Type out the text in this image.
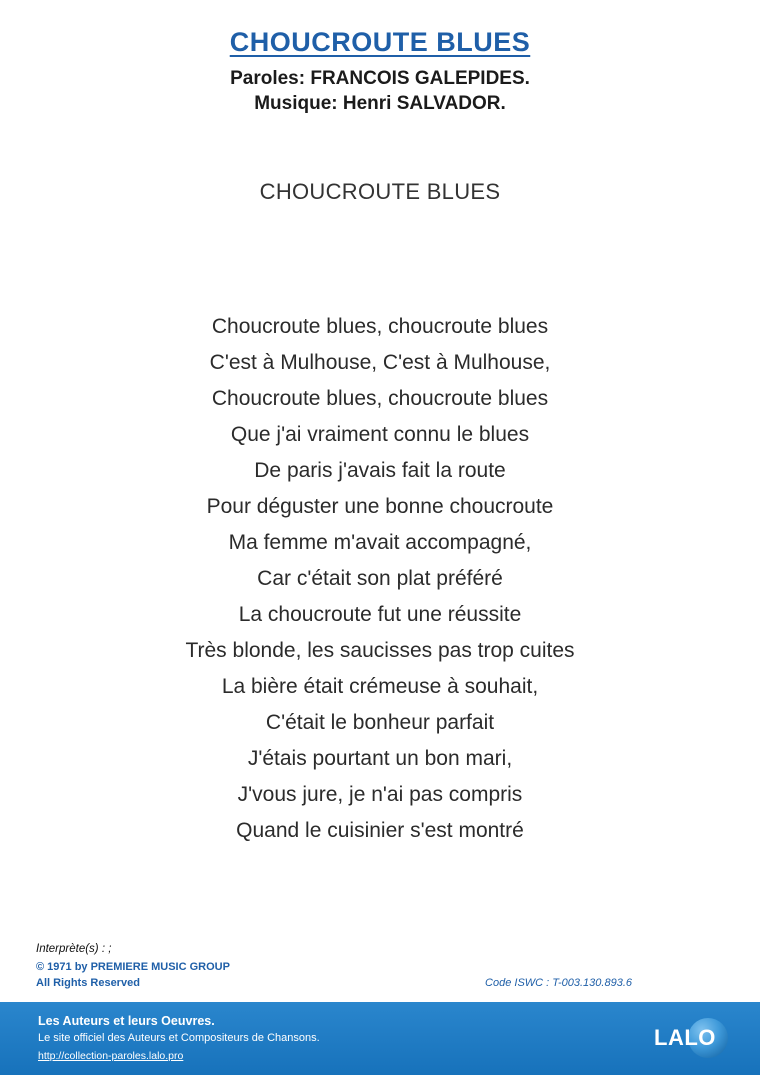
CHOUCROUTE BLUES
Paroles: FRANCOIS GALEPIDES.
Musique: Henri SALVADOR.
CHOUCROUTE BLUES
Choucroute blues, choucroute blues
C'est à Mulhouse, C'est à Mulhouse,
Choucroute blues, choucroute blues
Que j'ai vraiment connu le blues
De paris j'avais fait la route
Pour déguster une bonne choucroute
Ma femme m'avait accompagné,
Car c'était son plat préféré
La choucroute fut une réussite
Très blonde, les saucisses pas trop cuites
La bière était crémeuse à souhait,
C'était le bonheur parfait
J'étais pourtant un bon mari,
J'vous jure, je n'ai pas compris
Quand le cuisinier s'est montré
Interprète(s) : ;
© 1971 by PREMIERE MUSIC GROUP
All Rights Reserved	Code ISWC : T-003.130.893.6
Les Auteurs et leurs Oeuvres.
Le site officiel des Auteurs et Compositeurs de Chansons.
http://collection-paroles.lalo.pro
LALO
